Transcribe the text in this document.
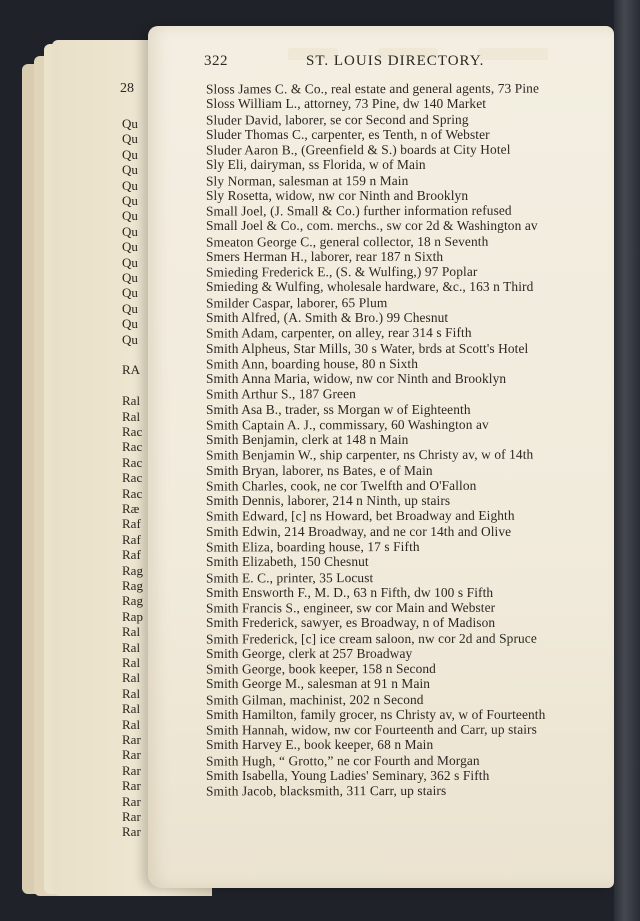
28
Qu
Qu
Qu
Qu
Qu
Qu
Qu
Qu
Qu
Qu
Qu
Qu
Qu
Qu
Qu
RA
Ral
Ral
Rac
Rac
Rac
Rac
Rac
Ræ
Raf
Raf
Raf
Rag
Rag
Rag
Rap
Ral
Ral
Ral
Ral
Ral
Ral
Ral
Rar
Rar
Rar
Rar
Rar
Rar
Rar
322	ST. LOUIS DIRECTORY.
Sloss James C. & Co., real estate and general agents, 73 Pine
Sloss William L., attorney, 73 Pine, dw 140 Market
Sluder David, laborer, se cor Second and Spring
Sluder Thomas C., carpenter, es Tenth, n of Webster
Sluder Aaron B., (Greenfield & S.) boards at City Hotel
Sly Eli, dairyman, ss Florida, w of Main
Sly Norman, salesman at 159 n Main
Sly Rosetta, widow, nw cor Ninth and Brooklyn
Small Joel, (J. Small & Co.) further information refused
Small Joel & Co., com. merchs., sw cor 2d & Washington av
Smeaton George C., general collector, 18 n Seventh
Smers Herman H., laborer, rear 187 n Sixth
Smieding Frederick E., (S. & Wulfing,) 97 Poplar
Smieding & Wulfing, wholesale hardware, &c., 163 n Third
Smilder Caspar, laborer, 65 Plum
Smith Alfred, (A. Smith & Bro.) 99 Chesnut
Smith Adam, carpenter, on alley, rear 314 s Fifth
Smith Alpheus, Star Mills, 30 s Water, brds at Scott's Hotel
Smith Ann, boarding house, 80 n Sixth
Smith Anna Maria, widow, nw cor Ninth and Brooklyn
Smith Arthur S., 187 Green
Smith Asa B., trader, ss Morgan w of Eighteenth
Smith Captain A. J., commissary, 60 Washington av
Smith Benjamin, clerk at 148 n Main
Smith Benjamin W., ship carpenter, ns Christy av, w of 14th
Smith Bryan, laborer, ns Bates, e of Main
Smith Charles, cook, ne cor Twelfth and O'Fallon
Smith Dennis, laborer, 214 n Ninth, up stairs
Smith Edward, [c] ns Howard, bet Broadway and Eighth
Smith Edwin, 214 Broadway, and ne cor 14th and Olive
Smith Eliza, boarding house, 17 s Fifth
Smith Elizabeth, 150 Chesnut
Smith E. C., printer, 35 Locust
Smith Ensworth F., M. D., 63 n Fifth, dw 100 s Fifth
Smith Francis S., engineer, sw cor Main and Webster
Smith Frederick, sawyer, es Broadway, n of Madison
Smith Frederick, [c] ice cream saloon, nw cor 2d and Spruce
Smith George, clerk at 257 Broadway
Smith George, book keeper, 158 n Second
Smith George M., salesman at 91 n Main
Smith Gilman, machinist, 202 n Second
Smith Hamilton, family grocer, ns Christy av, w of Fourteenth
Smith Hannah, widow, nw cor Fourteenth and Carr, up stairs
Smith Harvey E., book keeper, 68 n Main
Smith Hugh, “ Grotto,” ne cor Fourth and Morgan
Smith Isabella, Young Ladies' Seminary, 362 s Fifth
Smith Jacob, blacksmith, 311 Carr, up stairs
